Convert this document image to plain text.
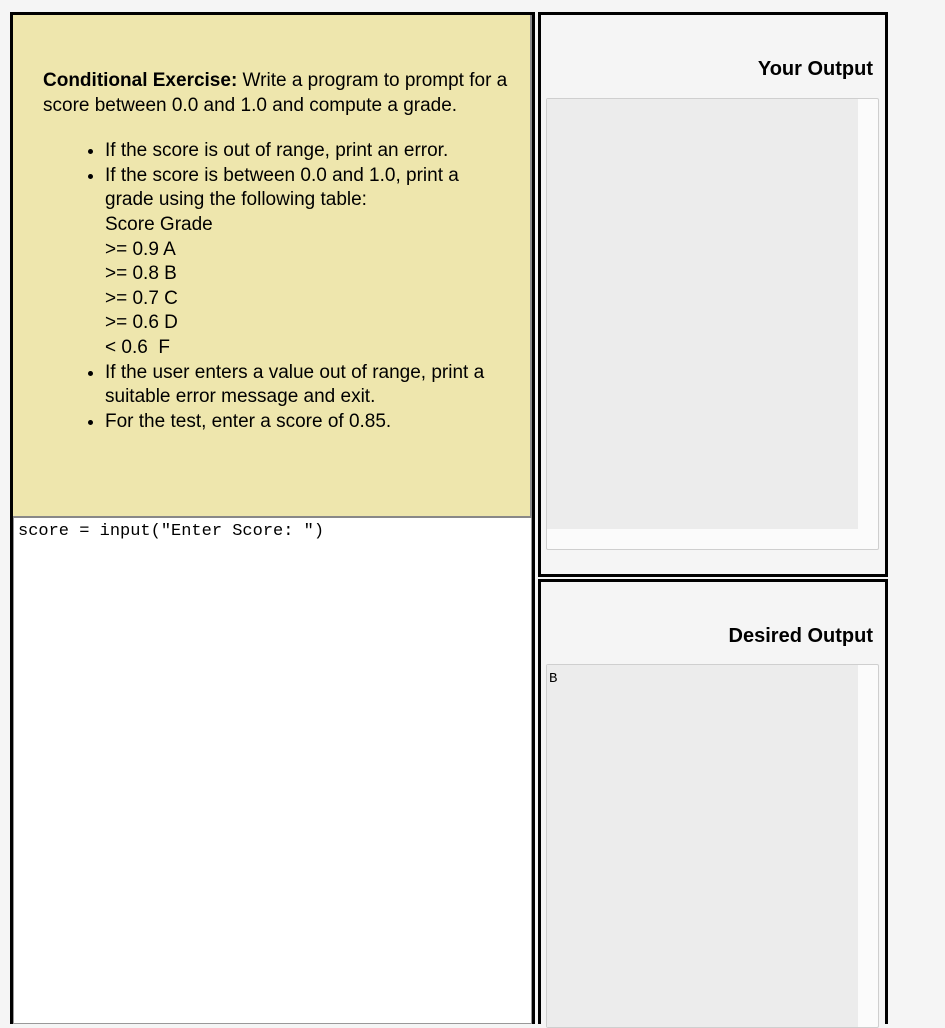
Conditional Exercise: Write a program to prompt for a score between 0.0 and 1.0 and compute a grade.

• If the score is out of range, print an error.
• If the score is between 0.0 and 1.0, print a grade using the following table:
Score Grade
>= 0.9 A
>= 0.8 B
>= 0.7 C
>= 0.6 D
< 0.6  F
• If the user enters a value out of range, print a suitable error message and exit.
• For the test, enter a score of 0.85.
score = input("Enter Score: ")
Your Output
Desired Output
B
